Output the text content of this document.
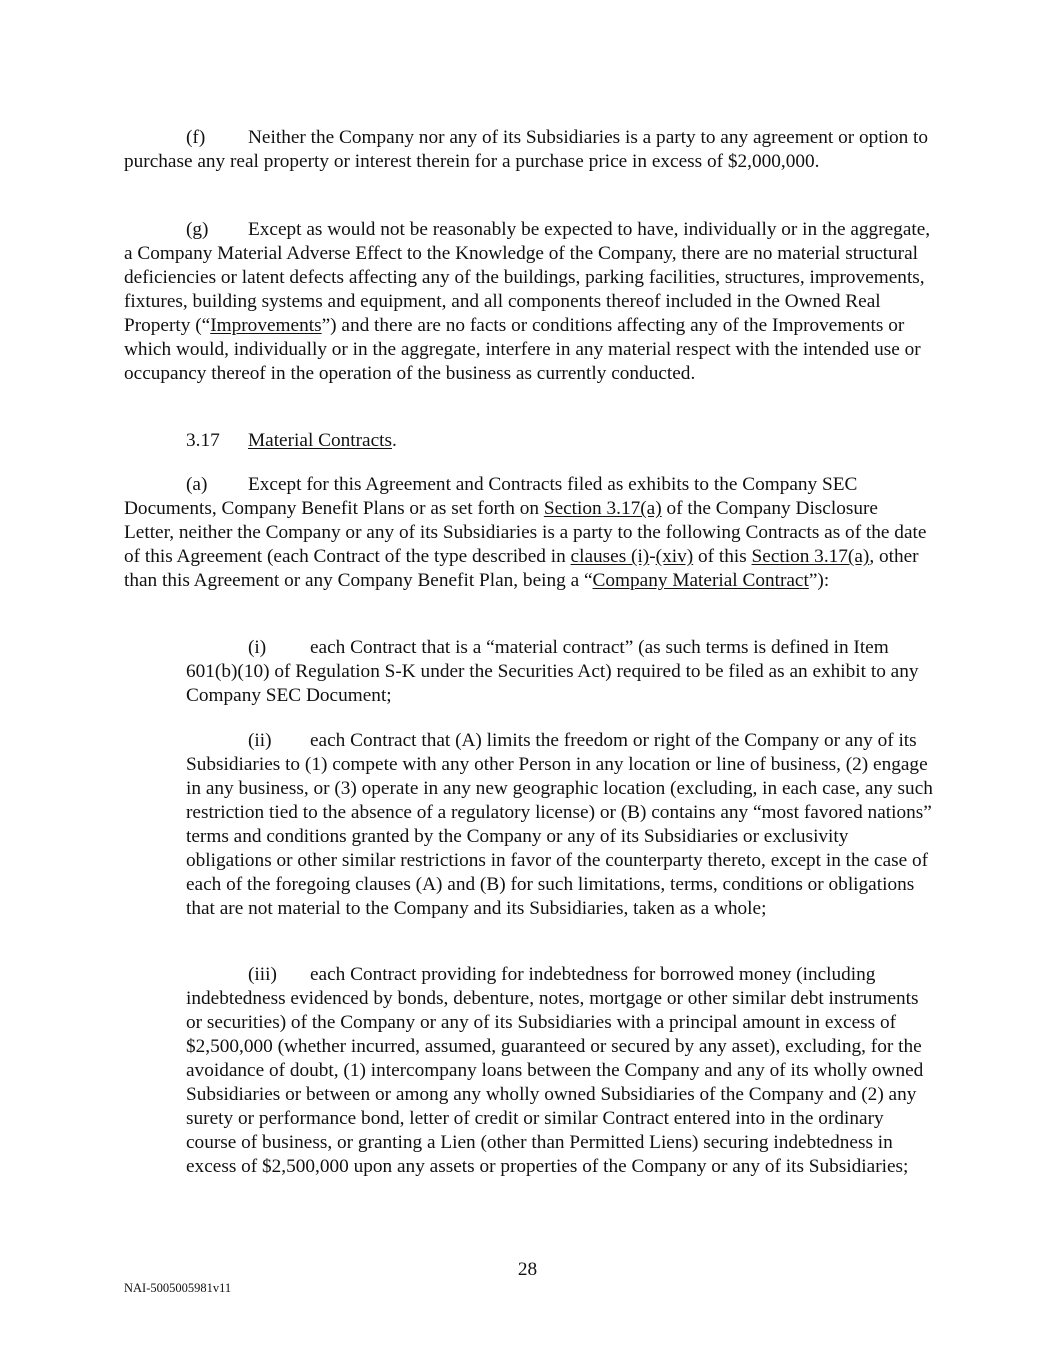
(f) Neither the Company nor any of its Subsidiaries is a party to any agreement or option to purchase any real property or interest therein for a purchase price in excess of $2,000,000.

(g) Except as would not be reasonably be expected to have, individually or in the aggregate, a Company Material Adverse Effect to the Knowledge of the Company, there are no material structural deficiencies or latent defects affecting any of the buildings, parking facilities, structures, improvements, fixtures, building systems and equipment, and all components thereof included in the Owned Real Property (“Improvements”) and there are no facts or conditions affecting any of the Improvements or which would, individually or in the aggregate, interfere in any material respect with the intended use or occupancy thereof in the operation of the business as currently conducted.

3.17 Material Contracts.

(a) Except for this Agreement and Contracts filed as exhibits to the Company SEC Documents, Company Benefit Plans or as set forth on Section 3.17(a) of the Company Disclosure Letter, neither the Company or any of its Subsidiaries is a party to the following Contracts as of the date of this Agreement (each Contract of the type described in clauses (i)-(xiv) of this Section 3.17(a), other than this Agreement or any Company Benefit Plan, being a “Company Material Contract”):

(i) each Contract that is a “material contract” (as such terms is defined in Item 601(b)(10) of Regulation S-K under the Securities Act) required to be filed as an exhibit to any Company SEC Document;

(ii) each Contract that (A) limits the freedom or right of the Company or any of its Subsidiaries to (1) compete with any other Person in any location or line of business, (2) engage in any business, or (3) operate in any new geographic location (excluding, in each case, any such restriction tied to the absence of a regulatory license) or (B) contains any “most favored nations” terms and conditions granted by the Company or any of its Subsidiaries or exclusivity obligations or other similar restrictions in favor of the counterparty thereto, except in the case of each of the foregoing clauses (A) and (B) for such limitations, terms, conditions or obligations that are not material to the Company and its Subsidiaries, taken as a whole;

(iii) each Contract providing for indebtedness for borrowed money (including indebtedness evidenced by bonds, debenture, notes, mortgage or other similar debt instruments or securities) of the Company or any of its Subsidiaries with a principal amount in excess of $2,500,000 (whether incurred, assumed, guaranteed or secured by any asset), excluding, for the avoidance of doubt, (1) intercompany loans between the Company and any of its wholly owned Subsidiaries or between or among any wholly owned Subsidiaries of the Company and (2) any surety or performance bond, letter of credit or similar Contract entered into in the ordinary course of business, or granting a Lien (other than Permitted Liens) securing indebtedness in excess of $2,500,000 upon any assets or properties of the Company or any of its Subsidiaries;

28
NAI-5005005981v11
